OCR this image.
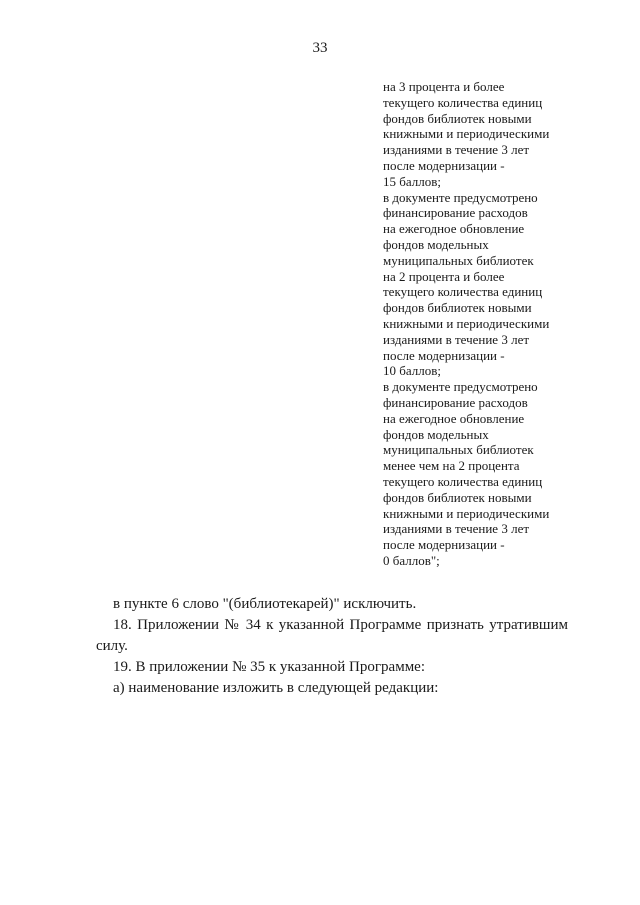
33
на 3 процента и более
текущего количества единиц
фондов библиотек новыми
книжными и периодическими
изданиями в течение 3 лет
после модернизации -
15 баллов;
в документе предусмотрено
финансирование расходов
на ежегодное обновление
фондов модельных
муниципальных библиотек
на 2 процента и более
текущего количества единиц
фондов библиотек новыми
книжными и периодическими
изданиями в течение 3 лет
после модернизации -
10 баллов;
в документе предусмотрено
финансирование расходов
на ежегодное обновление
фондов модельных
муниципальных библиотек
менее чем на 2 процента
текущего количества единиц
фондов библиотек новыми
книжными и периодическими
изданиями в течение 3 лет
после модернизации -
0 баллов";

в пункте 6 слово "(библиотекарей)" исключить.

18. Приложении № 34 к указанной Программе признать утратившим силу.

19. В приложении № 35 к указанной Программе:

а) наименование изложить в следующей редакции:
